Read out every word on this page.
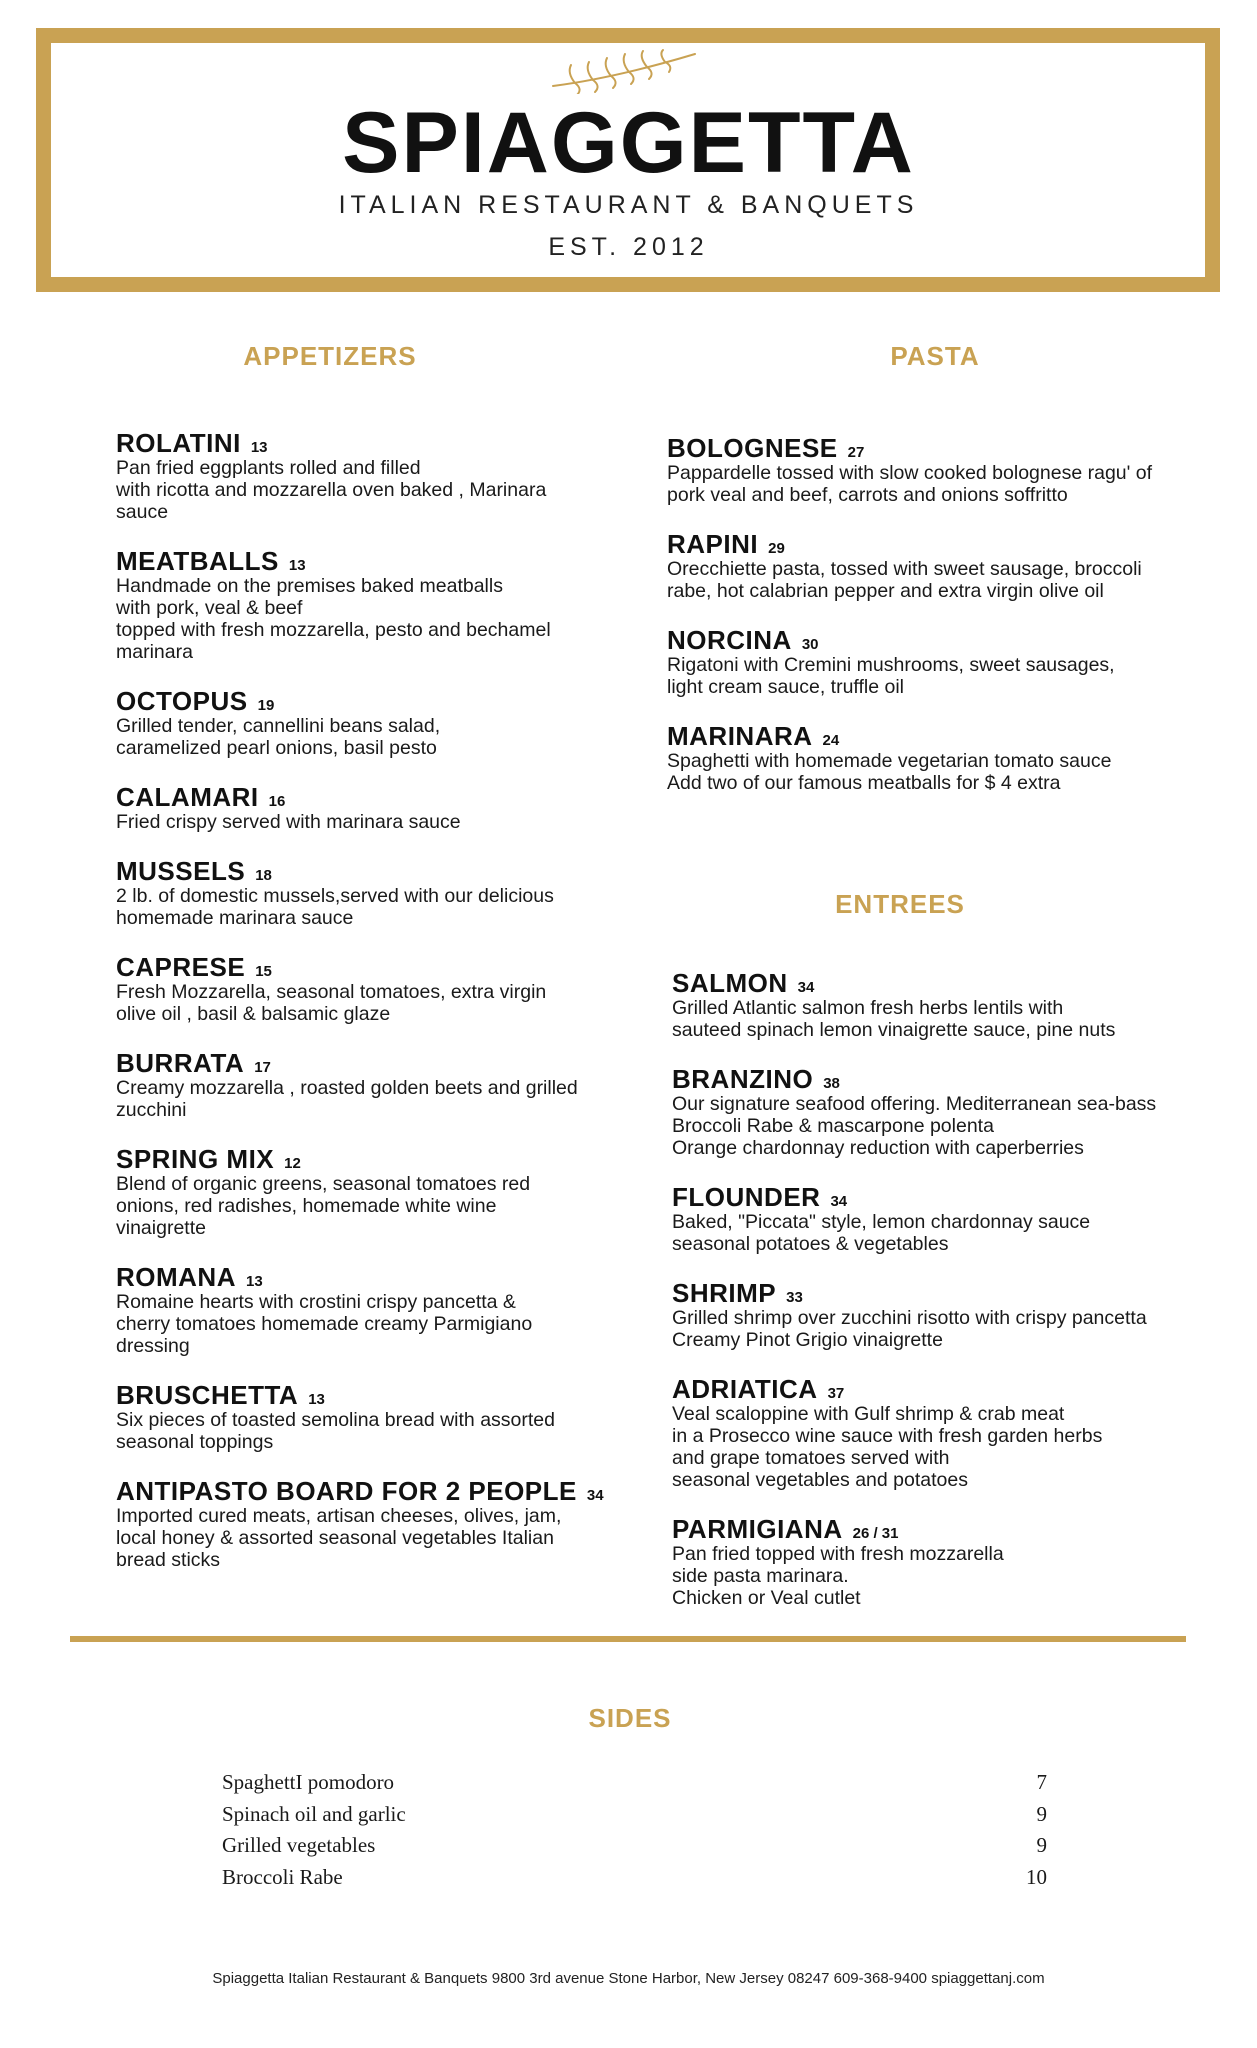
SPIAGGETTA
ITALIAN RESTAURANT & BANQUETS
EST. 2012
APPETIZERS	PASTA
ENTREES
SIDES
ROLATINI 13
Pan fried eggplants rolled and filled
with ricotta and mozzarella oven baked , Marinara
sauce
MEATBALLS 13
Handmade on the premises baked meatballs
with pork, veal & beef
topped with fresh mozzarella, pesto and bechamel
marinara
OCTOPUS 19
Grilled tender, cannellini beans salad,
caramelized pearl onions, basil pesto
CALAMARI 16
Fried crispy served with marinara sauce
MUSSELS 18
2 lb. of domestic mussels,served with our delicious
homemade marinara sauce
CAPRESE 15
Fresh Mozzarella, seasonal tomatoes, extra virgin
olive oil , basil & balsamic glaze
BURRATA 17
Creamy mozzarella , roasted golden beets and grilled
zucchini
SPRING MIX 12
Blend of organic greens, seasonal tomatoes red
onions, red radishes, homemade white wine
vinaigrette
ROMANA 13
Romaine hearts with crostini crispy pancetta &
cherry tomatoes homemade creamy Parmigiano
dressing
BRUSCHETTA 13
Six pieces of toasted semolina bread with assorted
seasonal toppings
ANTIPASTO BOARD FOR 2 PEOPLE 34
Imported cured meats, artisan cheeses, olives, jam,
local honey & assorted seasonal vegetables Italian
bread sticks
BOLOGNESE 27
Pappardelle tossed with slow cooked bolognese ragu' of
pork veal and beef, carrots and onions soffritto
RAPINI 29
Orecchiette pasta, tossed with sweet sausage, broccoli
rabe, hot calabrian pepper and extra virgin olive oil
NORCINA 30
Rigatoni with Cremini mushrooms, sweet sausages,
light cream sauce, truffle oil
MARINARA 24
Spaghetti with homemade vegetarian tomato sauce
Add two of our famous meatballs for $ 4 extra
SALMON 34
Grilled Atlantic salmon fresh herbs lentils with
sauteed spinach lemon vinaigrette sauce, pine nuts
BRANZINO 38
Our signature seafood offering. Mediterranean sea-bass
Broccoli Rabe & mascarpone polenta
Orange chardonnay reduction with caperberries
FLOUNDER 34
Baked, "Piccata" style, lemon chardonnay sauce
seasonal potatoes & vegetables
SHRIMP 33
Grilled shrimp over zucchini risotto with crispy pancetta
Creamy Pinot Grigio vinaigrette
ADRIATICA 37
Veal scaloppine with Gulf shrimp & crab meat
in a Prosecco wine sauce with fresh garden herbs
and grape tomatoes served with
seasonal vegetables and potatoes
PARMIGIANA 26 / 31
Pan fried topped with fresh mozzarella
side pasta marinara.
Chicken or Veal cutlet
SpaghettI pomodoro	7
Spinach oil and garlic	9
Grilled vegetables	9
Broccoli Rabe	10
Spiaggetta Italian Restaurant & Banquets 9800 3rd avenue Stone Harbor, New Jersey 08247 609-368-9400 spiaggettanj.com
